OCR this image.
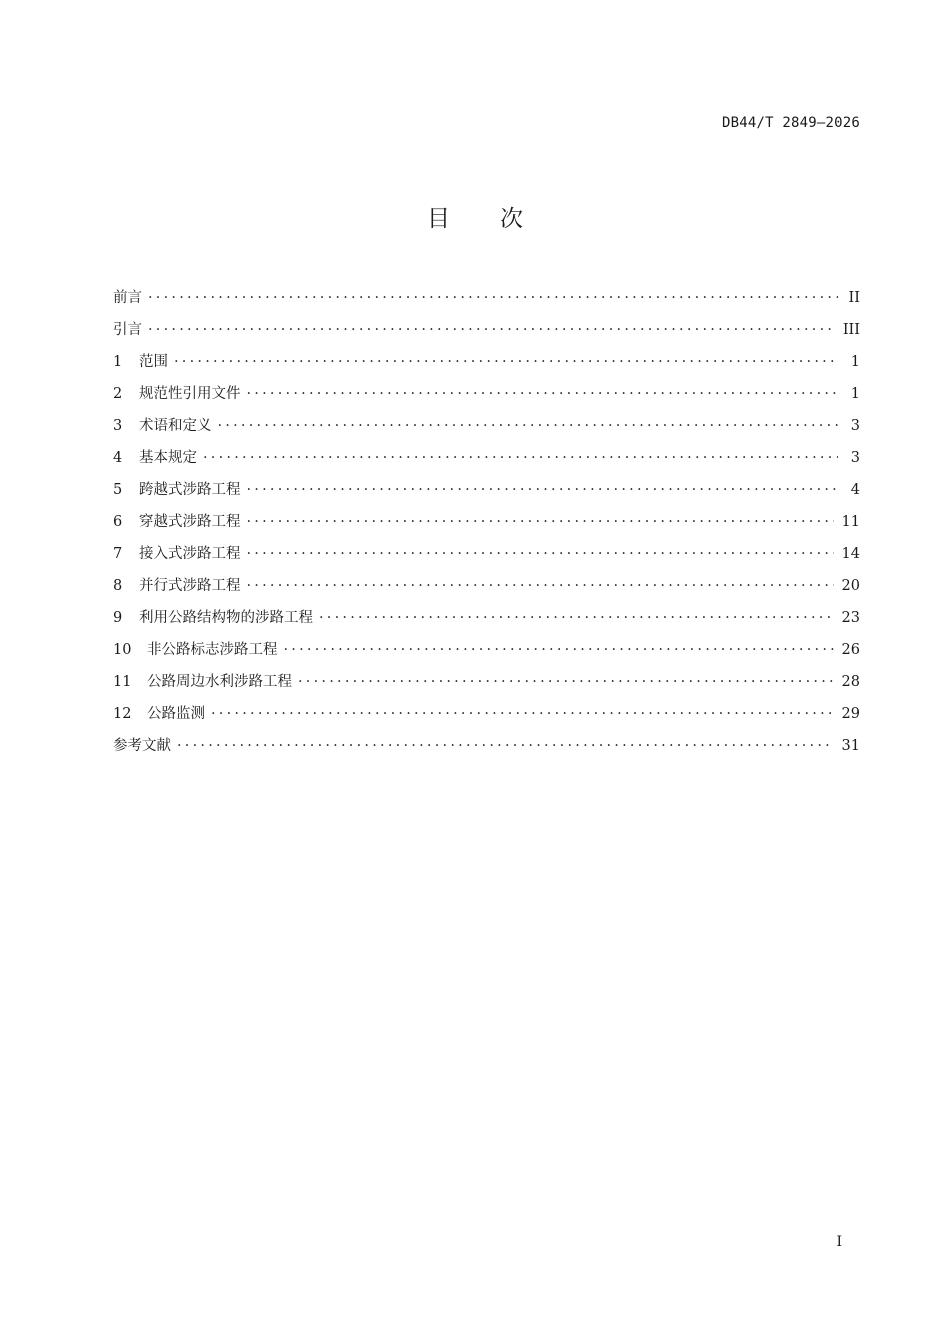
DB44/T 2849—2026
目次
前言 ·····	II
引言 ·····	III
1	范围 ·····	1
2	规范性引用文件 ·····	1
3	术语和定义 ·····	3
4	基本规定 ·····	3
5	跨越式涉路工程 ·····	4
6	穿越式涉路工程 ·····	11
7	接入式涉路工程 ·····	14
8	并行式涉路工程 ·····	20
9	利用公路结构物的涉路工程 ·····	23
10	非公路标志涉路工程 ·····	26
11	公路周边水利涉路工程 ·····	28
12	公路监测 ·····	29
参考文献 ·····	31
I
